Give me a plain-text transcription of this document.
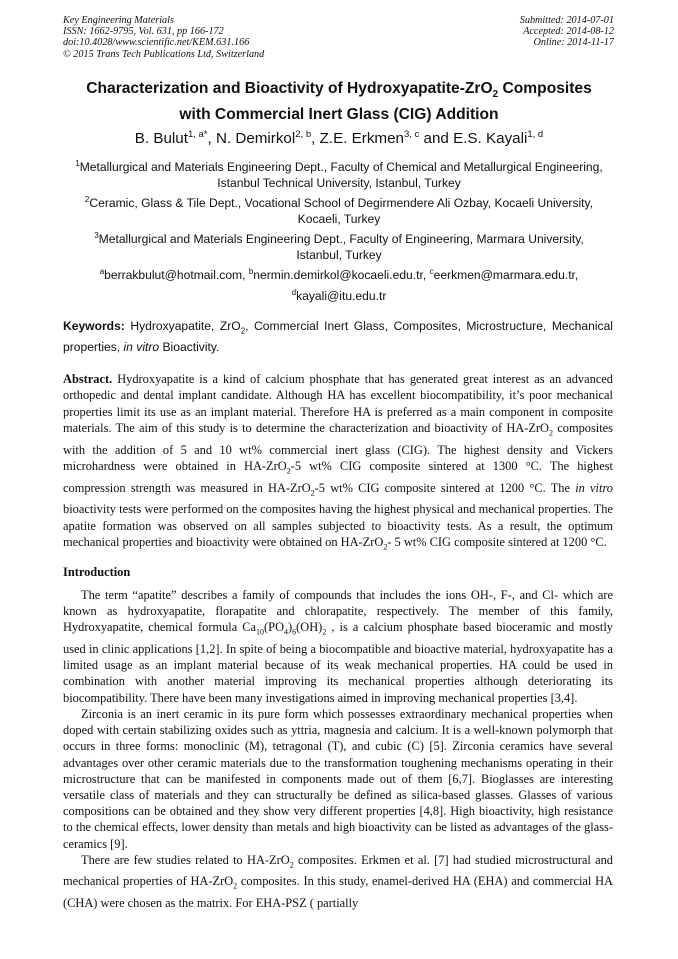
Key Engineering Materials
ISSN: 1662-9795, Vol. 631, pp 166-172
doi:10.4028/www.scientific.net/KEM.631.166
© 2015 Trans Tech Publications Ltd, Switzerland
Submitted: 2014-07-01
Accepted: 2014-08-12
Online: 2014-11-17
Characterization and Bioactivity of Hydroxyapatite-ZrO$_2$ Composites
with Commercial Inert Glass (CIG) Addition
B. Bulut$^{1, a*}$, N. Demirkol$^{2, b}$, Z.E. Erkmen$^{3, c}$ and E.S. Kayali$^{1, d}$
$^1$Metallurgical and Materials Engineering Dept., Faculty of Chemical and Metallurgical Engineering,
Istanbul Technical University, Istanbul, Turkey
$^2$Ceramic, Glass & Tile Dept., Vocational School of Degirmendere Ali Ozbay, Kocaeli University,
Kocaeli, Turkey
$^3$Metallurgical and Materials Engineering Dept., Faculty of Engineering, Marmara University,
Istanbul, Turkey
$^a$berrakbulut@hotmail.com, $^b$nermin.demirkol@kocaeli.edu.tr, $^c$eerkmen@marmara.edu.tr,
$^d$kayali@itu.edu.tr
Keywords: Hydroxyapatite, ZrO$_2$, Commercial Inert Glass, Composites, Microstructure, Mechanical properties, in vitro Bioactivity.
Abstract. Hydroxyapatite is a kind of calcium phosphate that has generated great interest as an advanced orthopedic and dental implant candidate. Although HA has excellent biocompatibility, it’s poor mechanical properties limit its use as an implant material. Therefore HA is preferred as a main component in composite materials. The aim of this study is to determine the characterization and bioactivity of HA-ZrO$_2$ composites with the addition of 5 and 10 wt% commercial inert glass (CIG). The highest density and Vickers microhardness were obtained in HA-ZrO$_2$-5 wt% CIG composite sintered at 1300 °C. The highest compression strength was measured in HA-ZrO$_2$-5 wt% CIG composite sintered at 1200 °C. The in vitro bioactivity tests were performed on the composites having the highest physical and mechanical properties. The apatite formation was observed on all samples subjected to bioactivity tests. As a result, the optimum mechanical properties and bioactivity were obtained on HA-ZrO$_2$- 5 wt% CIG composite sintered at 1200 °C.
Introduction

The term “apatite” describes a family of compounds that includes the ions OH-, F-, and Cl- which are known as hydroxyapatite, florapatite and chlorapatite, respectively. The member of this family, Hydroxyapatite, chemical formula $Ca_{10}(PO_4)_6(OH)_2$ , is a calcium phosphate based bioceramic and mostly used in clinic applications [1,2]. In spite of being a biocompatible and bioactive material, hydroxyapatite has a limited usage as an implant material because of its weak mechanical properties. HA could be used in combination with another material improving its mechanical properties although deteriorating its biocompatibility. There have been many investigations aimed in improving mechanical properties [3,4].

Zirconia is an inert ceramic in its pure form which possesses extraordinary mechanical properties when doped with certain stabilizing oxides such as yttria, magnesia and calcium. It is a well-known polymorph that occurs in three forms: monoclinic (M), tetragonal (T), and cubic (C) [5]. Zirconia ceramics have several advantages over other ceramic materials due to the transformation toughening mechanisms operating in their microstructure that can be manifested in components made out of them [6,7]. Bioglasses are interesting versatile class of materials and they can structurally be defined as silica-based glasses. Glasses of various compositions can be obtained and they show very different properties [4,8]. High bioactivity, high resistance to the chemical effects, lower density than metals and high bioactivity can be listed as advantages of the glass-ceramics [9].

There are few studies related to HA-ZrO$_2$ composites. Erkmen et al. [7] had studied microstructural and mechanical properties of HA-ZrO$_2$ composites. In this study, enamel-derived HA (EHA) and commercial HA (CHA) were chosen as the matrix. For EHA-PSZ ( partially
